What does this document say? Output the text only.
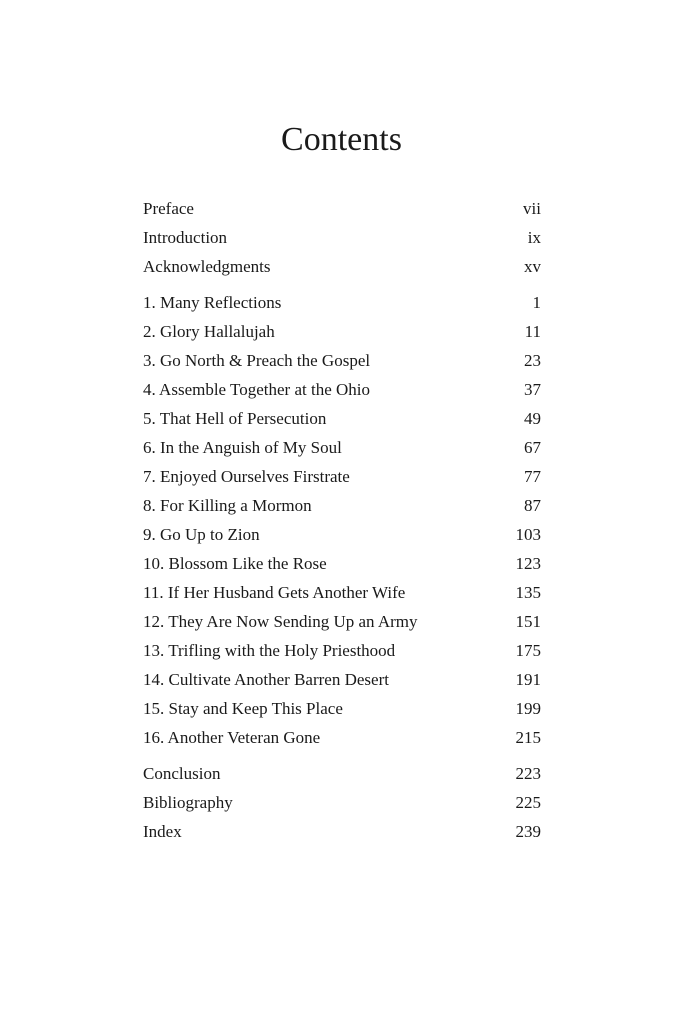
Contents
Preface	vii
Introduction	ix
Acknowledgments	xv
1. Many Reflections	1
2. Glory Hallalujah	11
3. Go North & Preach the Gospel	23
4. Assemble Together at the Ohio	37
5. That Hell of Persecution	49
6. In the Anguish of My Soul	67
7. Enjoyed Ourselves Firstrate	77
8. For Killing a Mormon	87
9. Go Up to Zion	103
10. Blossom Like the Rose	123
11. If Her Husband Gets Another Wife	135
12. They Are Now Sending Up an Army	151
13. Trifling with the Holy Priesthood	175
14. Cultivate Another Barren Desert	191
15. Stay and Keep This Place	199
16. Another Veteran Gone	215
Conclusion	223
Bibliography	225
Index	239
